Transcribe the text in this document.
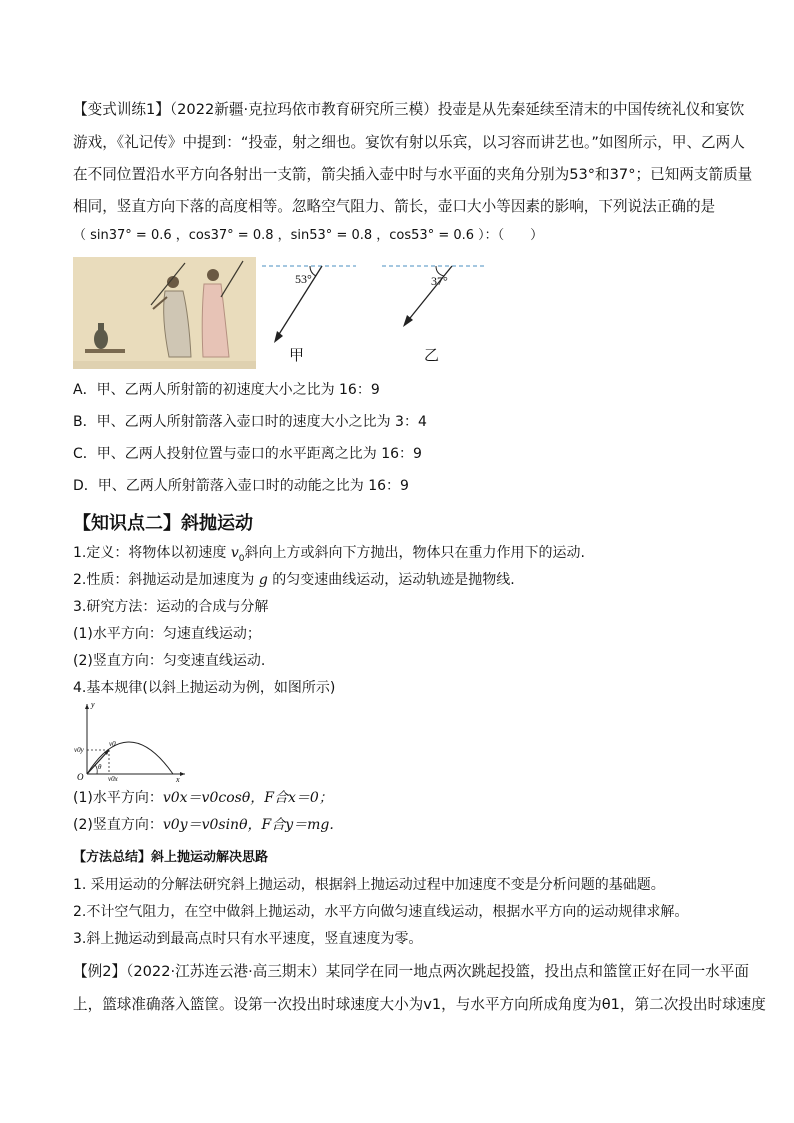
【变式训练1】（2022新疆·克拉玛依市教育研究所三模）投壶是从先秦延续至清末的中国传统礼仪和宴饮
游戏，《礼记传》中提到：“投壶，射之细也。宴饮有射以乐宾，以习容而讲艺也。”如图所示，甲、乙两人
在不同位置沿水平方向各射出一支箭，箭尖插入壶中时与水平面的夹角分别为53°和37°；已知两支箭质量
相同，竖直方向下落的高度相等。忽略空气阻力、箭长，壶口大小等因素的影响，下列说法正确的是
（ sin37° = 0.6 ，cos37° = 0.8 ，sin53° = 0.8 ，cos53° = 0.6 ）：（　　）
53°
甲
37°
乙
A．甲、乙两人所射箭的初速度大小之比为 16：9
B．甲、乙两人所射箭落入壶口时的速度大小之比为 3：4
C．甲、乙两人投射位置与壶口的水平距离之比为 16：9
D．甲、乙两人所射箭落入壶口时的动能之比为 16：9
【知识点二】斜抛运动
1.定义：将物体以初速度 $v_0$斜向上方或斜向下方抛出，物体只在重力作用下的运动.
2.性质：斜抛运动是加速度为 g 的匀变速曲线运动，运动轨迹是抛物线.
3.研究方法：运动的合成与分解
(1)水平方向：匀速直线运动；
(2)竖直方向：匀变速直线运动.
4.基本规律(以斜上抛运动为例，如图所示)
y
x
O
v0
v0y
v0x
θ
(1)水平方向：v0x＝v0cosθ，F合x＝0；
(2)竖直方向：v0y＝v0sinθ，F合y＝mg.
【方法总结】斜上抛运动解决思路
1. 采用运动的分解法研究斜上抛运动，根据斜上抛运动过程中加速度不变是分析问题的基础题。
2.不计空气阻力，在空中做斜上抛运动，水平方向做匀速直线运动，根据水平方向的运动规律求解。
3.斜上抛运动到最高点时只有水平速度，竖直速度为零。
【例2】（2022·江苏连云港·高三期末）某同学在同一地点两次跳起投篮，投出点和篮筐正好在同一水平面
上，篮球准确落入篮筐。设第一次投出时球速度大小为v1，与水平方向所成角度为θ1，第二次投出时球速度
